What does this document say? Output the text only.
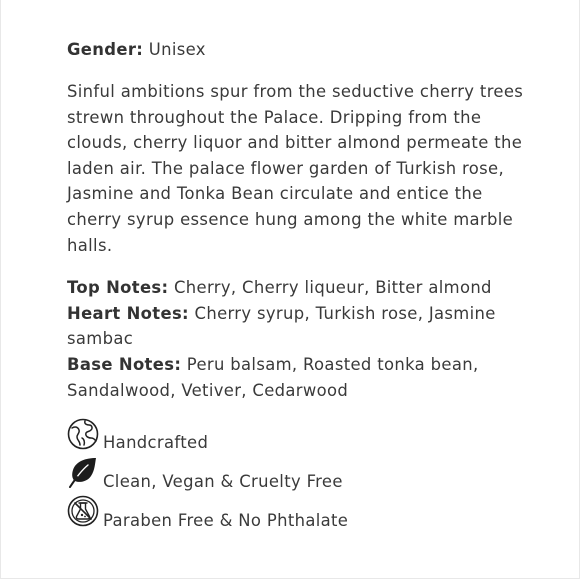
Gender: Unisex

Sinful ambitions spur from the seductive cherry trees strewn throughout the Palace. Dripping from the clouds, cherry liquor and bitter almond permeate the laden air. The palace flower garden of Turkish rose, Jasmine and Tonka Bean circulate and entice the cherry syrup essence hung among the white marble halls.

Top Notes: Cherry, Cherry liqueur, Bitter almond

Heart Notes: Cherry syrup, Turkish rose, Jasmine sambac

Base Notes: Peru balsam, Roasted tonka bean, Sandalwood, Vetiver, Cedarwood

Handcrafted
Clean, Vegan & Cruelty Free
Paraben Free & No Phthalate
